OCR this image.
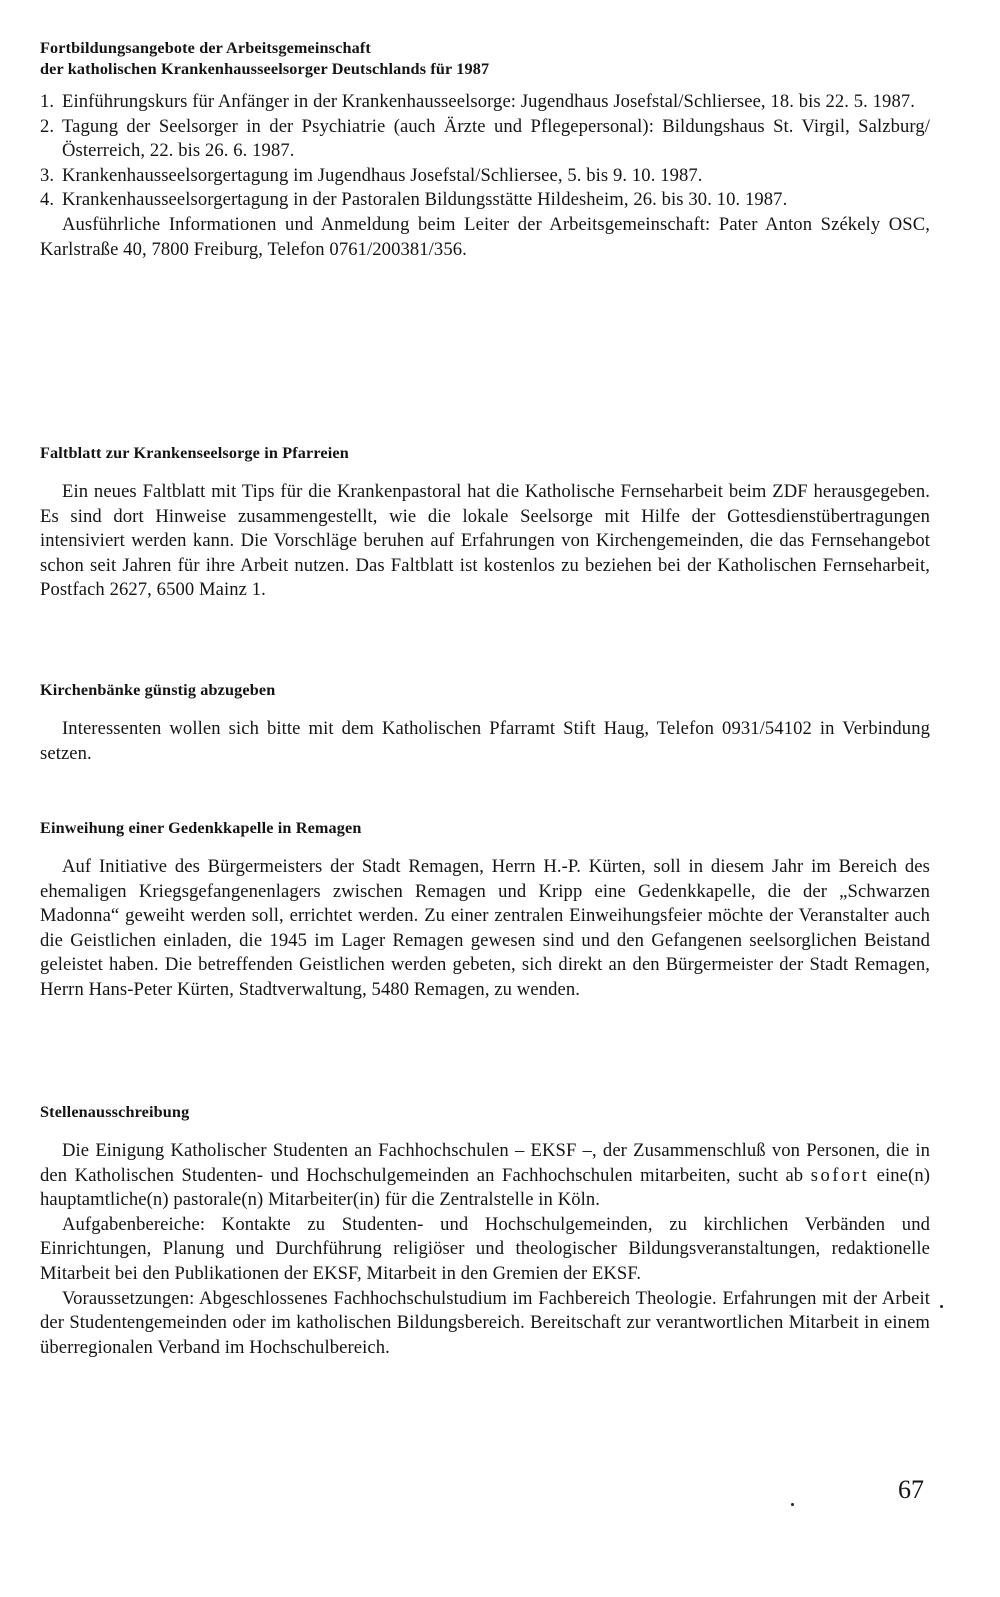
Fortbildungsangebote der Arbeitsgemeinschaft

der katholischen Krankenhausseelsorger Deutschlands für 1987

1. Einführungskurs für Anfänger in der Krankenhausseelsorge: Jugendhaus Josefstal/Schliersee, 18. bis 22. 5. 1987.
2. Tagung der Seelsorger in der Psychiatrie (auch Ärzte und Pflegepersonal): Bildungshaus St. Virgil, Salzburg/Österreich, 22. bis 26. 6. 1987.
3. Krankenhausseelsorgertagung im Jugendhaus Josefstal/Schliersee, 5. bis 9. 10. 1987.
4. Krankenhausseelsorgertagung in der Pastoralen Bildungsstätte Hildesheim, 26. bis 30. 10. 1987.

Ausführliche Informationen und Anmeldung beim Leiter der Arbeitsgemeinschaft: Pater Anton Székely OSC, Karlstraße 40, 7800 Freiburg, Telefon 0761/200381/356.

Faltblatt zur Krankenseelsorge in Pfarreien

Ein neues Faltblatt mit Tips für die Krankenpastoral hat die Katholische Fernseharbeit beim ZDF herausgegeben. Es sind dort Hinweise zusammengestellt, wie die lokale Seelsorge mit Hilfe der Gottesdienstübertragungen intensiviert werden kann. Die Vorschläge beruhen auf Erfahrungen von Kirchengemeinden, die das Fernsehangebot schon seit Jahren für ihre Arbeit nutzen. Das Faltblatt ist kostenlos zu beziehen bei der Katholischen Fernseharbeit, Postfach 2627, 6500 Mainz 1.

Kirchenbänke günstig abzugeben

Interessenten wollen sich bitte mit dem Katholischen Pfarramt Stift Haug, Telefon 0931/54102 in Verbindung setzen.

Einweihung einer Gedenkkapelle in Remagen

Auf Initiative des Bürgermeisters der Stadt Remagen, Herrn H.-P. Kürten, soll in diesem Jahr im Bereich des ehemaligen Kriegsgefangenenlagers zwischen Remagen und Kripp eine Gedenkkapelle, die der „Schwarzen Madonna“ geweiht werden soll, errichtet werden. Zu einer zentralen Einweihungsfeier möchte der Veranstalter auch die Geistlichen einladen, die 1945 im Lager Remagen gewesen sind und den Gefangenen seelsorglichen Beistand geleistet haben. Die betreffenden Geistlichen werden gebeten, sich direkt an den Bürgermeister der Stadt Remagen, Herrn Hans-Peter Kürten, Stadtverwaltung, 5480 Remagen, zu wenden.

Stellenausschreibung

Die Einigung Katholischer Studenten an Fachhochschulen – EKSF –, der Zusammenschluß von Personen, die in den Katholischen Studenten- und Hochschulgemeinden an Fachhochschulen mitarbeiten, sucht ab sofort eine(n) hauptamtliche(n) pastorale(n) Mitarbeiter(in) für die Zentralstelle in Köln.

Aufgabenbereiche: Kontakte zu Studenten- und Hochschulgemeinden, zu kirchlichen Verbänden und Einrichtungen, Planung und Durchführung religiöser und theologischer Bildungsveranstaltungen, redaktionelle Mitarbeit bei den Publikationen der EKSF, Mitarbeit in den Gremien der EKSF.

Voraussetzungen: Abgeschlossenes Fachhochschulstudium im Fachbereich Theologie. Erfahrungen mit der Arbeit der Studentengemeinden oder im katholischen Bildungsbereich. Bereitschaft zur verantwortlichen Mitarbeit in einem überregionalen Verband im Hochschulbereich.

67
